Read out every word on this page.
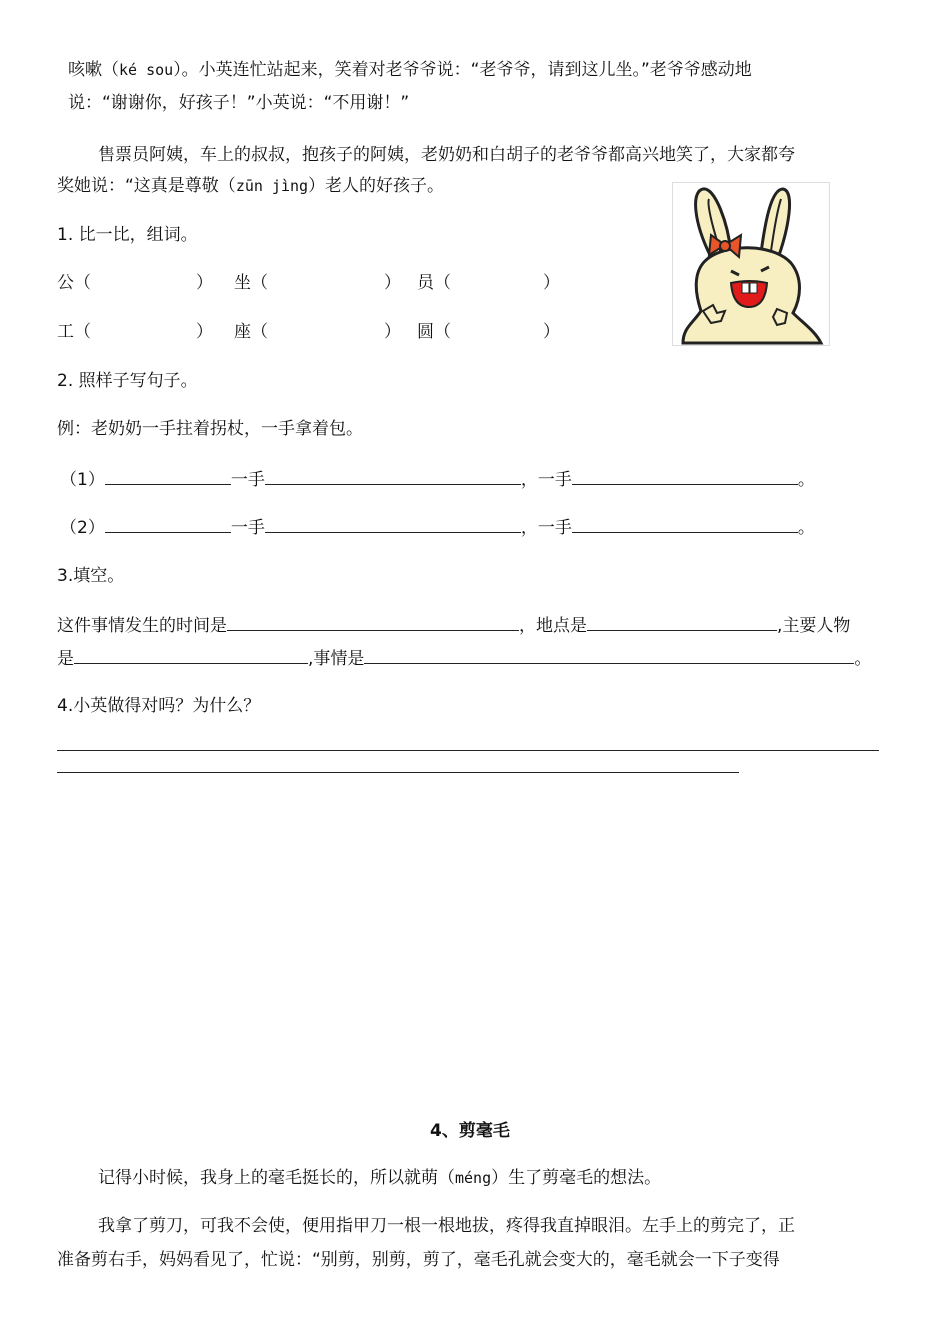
咳嗽（ké sou）。小英连忙站起来，笑着对老爷爷说：“老爷爷，请到这儿坐。”老爷爷感动地
说：“谢谢你，好孩子！”小英说：“不用谢！”
售票员阿姨，车上的叔叔，抱孩子的阿姨，老奶奶和白胡子的老爷爷都高兴地笑了，大家都夸
奖她说：“这真是尊敬（zūn jìng）老人的好孩子。
1. 比一比，组词。
公（	） 坐（	） 员（	）
工（	） 座（	） 圆（	）
2. 照样子写句子。
例：老奶奶一手拄着拐杖，一手拿着包。
（1）	一手	，一手	。
（2）	一手	，一手	。
3.填空。
这件事情发生的时间是	，地点是	,主要人物
是	,事情是	。
4.小英做得对吗？为什么？
4、剪毫毛
记得小时候，我身上的毫毛挺长的，所以就萌（méng）生了剪毫毛的想法。
我拿了剪刀，可我不会使，便用指甲刀一根一根地拔，疼得我直掉眼泪。左手上的剪完了，正
准备剪右手，妈妈看见了，忙说：“别剪，别剪，剪了，毫毛孔就会变大的，毫毛就会一下子变得
